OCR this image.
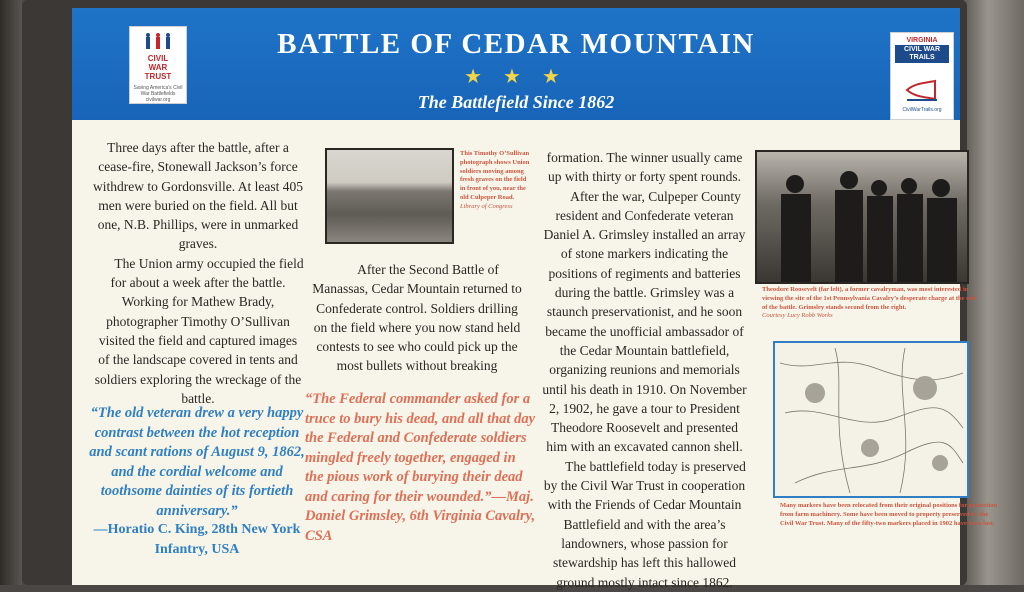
CIVIL
WAR
TRUST
Saving America's Civil War Battlefields civilwar.org
BATTLE OF CEDAR MOUNTAIN
★ ★ ★
The Battlefield Since 1862
VIRGINIA
CIVIL WAR TRAILS
CivilWarTrails.org

Three days after the battle, after a cease-fire, Stonewall Jackson’s force withdrew to Gordonsville. At least 405 men were buried on the field. All but one, N.B. Phillips, were in unmarked graves.

The Union army occupied the field for about a week after the battle. Working for Mathew Brady, photographer Timothy O’Sullivan visited the field and captured images of the landscape covered in tents and soldiers exploring the wreckage of the battle.

“The old veteran drew a very happy contrast between the hot reception and scant rations of August 9, 1862, and the cordial welcome and toothsome dainties of its fortieth anniversary.”
—Horatio C. King, 28th New York Infantry, USA
This Timothy O’Sullivan photograph shows Union soldiers moving among fresh graves on the field in front of you, near the old Culpeper Road. Library of Congress

After the Second Battle of Manassas, Cedar Mountain returned to Confederate control. Soldiers drilling on the field where you now stand held contests to see who could pick up the most bullets without breaking

“The Federal commander asked for a truce to bury his dead, and all that day the Federal and Confederate soldiers mingled freely together, engaged in the pious work of burying their dead and caring for their wounded.”—Maj. Daniel Grimsley, 6th Virginia Cavalry, CSA

formation. The winner usually came up with thirty or forty spent rounds.

After the war, Culpeper County resident and Confederate veteran Daniel A. Grimsley installed an array of stone markers indicating the positions of regiments and batteries during the battle. Grimsley was a staunch preservationist, and he soon became the unofficial ambassador of the Cedar Mountain battlefield, organizing reunions and memorials until his death in 1910. On November 2, 1902, he gave a tour to President Theodore Roosevelt and presented him with an excavated cannon shell.

The battlefield today is preserved by the Civil War Trust in cooperation with the Friends of Cedar Mountain Battlefield and with the area’s landowners, whose passion for stewardship has left this hallowed ground mostly intact since 1862.

Theodore Roosevelt (far left), a former cavalryman, was most interested in viewing the site of the 1st Pennsylvania Cavalry’s desperate charge at the end of the battle. Grimsley stands second from the right.
Courtesy Lucy Robb Works
Many markers have been relocated from their original positions for protection from farm machinery. Some have been moved to property preserved by the Civil War Trust. Many of the fifty-two markers placed in 1902 have been lost.
